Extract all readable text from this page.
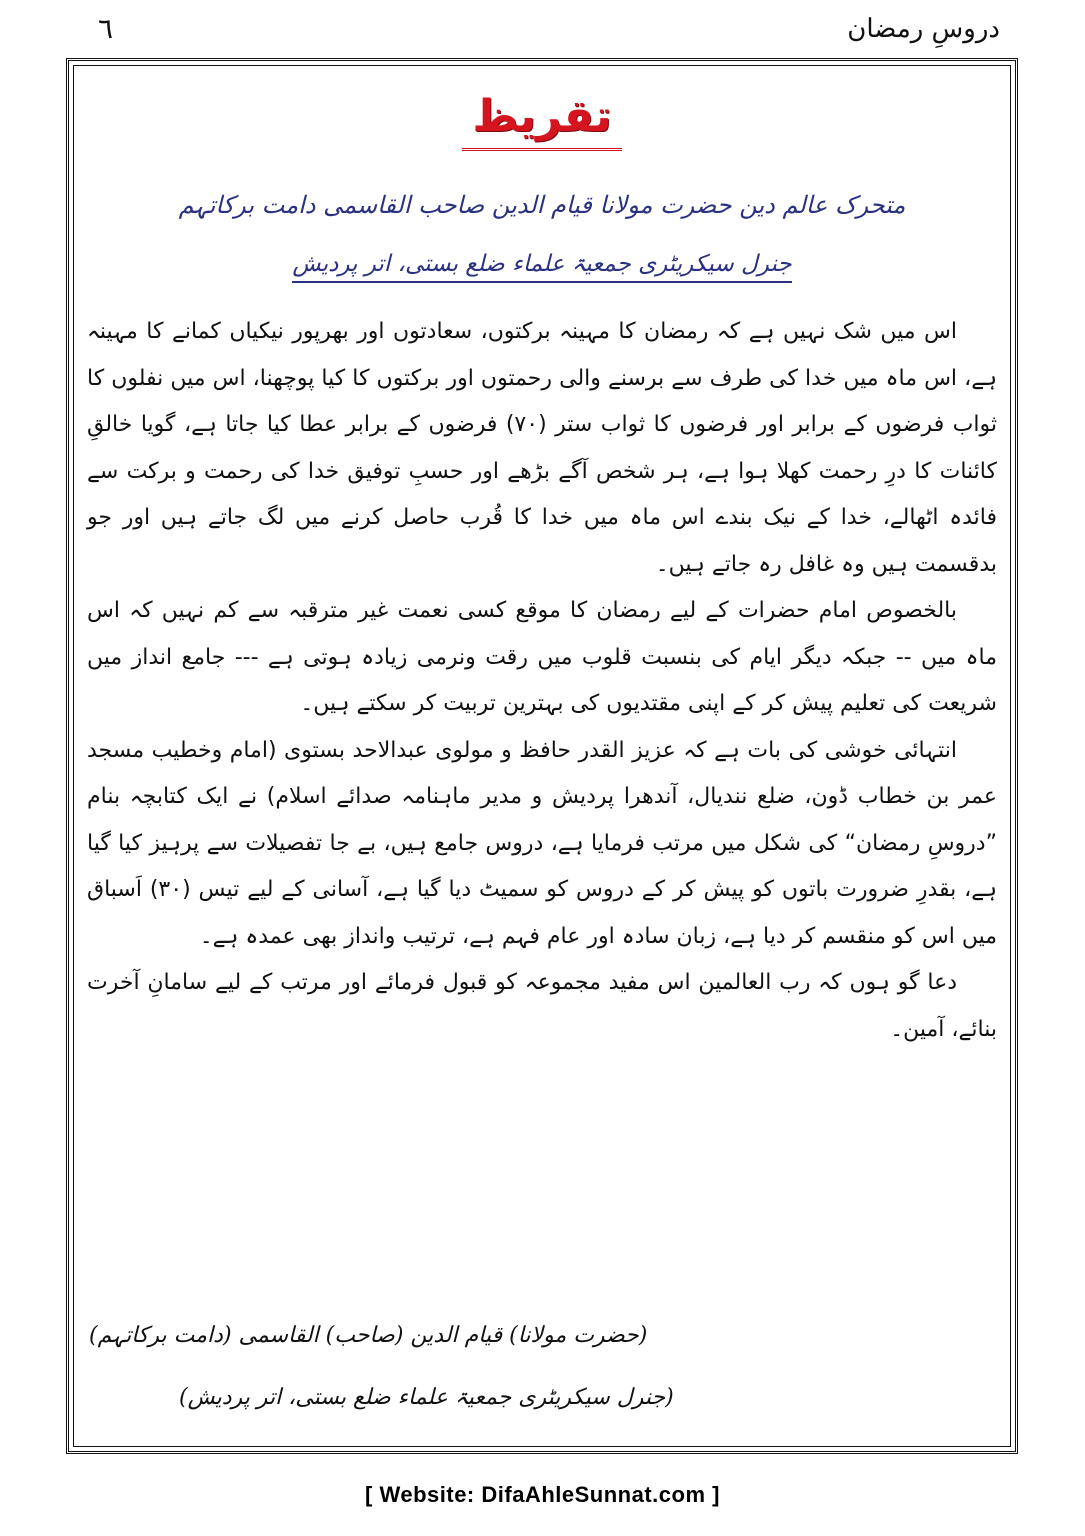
٦	دروسِ رمضان
تقریظ
متحرک عالم دین حضرت مولانا قیام الدین صاحب القاسمی دامت برکاتہم
جنرل سیکریٹری جمعیۃ علماء ضلع بستی، اتر پردیش

اس میں شک نہیں ہے کہ رمضان کا مہینہ برکتوں، سعادتوں اور بھرپور نیکیاں کمانے کا مہینہ ہے، اس ماہ میں خدا کی طرف سے برسنے والی رحمتوں اور برکتوں کا کیا پوچھنا، اس میں نفلوں کا ثواب فرضوں کے برابر اور فرضوں کا ثواب ستر (۷۰) فرضوں کے برابر عطا کیا جاتا ہے، گویا خالقِ کائنات کا درِ رحمت کھلا ہوا ہے، ہر شخص آگے بڑھے اور حسبِ توفیق خدا کی رحمت و برکت سے فائدہ اٹھالے، خدا کے نیک بندے اس ماہ میں خدا کا قُرب حاصل کرنے میں لگ جاتے ہیں اور جو بدقسمت ہیں وہ غافل رہ جاتے ہیں۔

بالخصوص امام حضرات کے لیے رمضان کا موقع کسی نعمت غیر مترقبہ سے کم نہیں کہ اس ماہ میں -- جبکہ دیگر ایام کی بنسبت قلوب میں رقت ونرمی زیادہ ہوتی ہے --- جامع انداز میں شریعت کی تعلیم پیش کر کے اپنی مقتدیوں کی بہترین تربیت کر سکتے ہیں۔

انتہائی خوشی کی بات ہے کہ عزیز القدر حافظ و مولوی عبدالاحد بستوی (امام وخطیب مسجد عمر بن خطاب ڈون، ضلع نندیال، آندھرا پردیش و مدیر ماہنامہ صدائے اسلام) نے ایک کتابچہ بنام ”دروسِ رمضان“ کی شکل میں مرتب فرمایا ہے، دروس جامع ہیں، بے جا تفصیلات سے پرہیز کیا گیا ہے، بقدرِ ضرورت باتوں کو پیش کر کے دروس کو سمیٹ دیا گیا ہے، آسانی کے لیے تیس (۳۰) اَسباق میں اس کو منقسم کر دیا ہے، زبان سادہ اور عام فہم ہے، ترتیب وانداز بھی عمدہ ہے۔

دعا گو ہوں کہ رب العالمین اس مفید مجموعہ کو قبول فرمائے اور مرتب کے لیے سامانِ آخرت بنائے، آمین۔

(حضرت مولانا) قیام الدین (صاحب) القاسمی (دامت برکاتہم)
(جنرل سیکریٹری جمعیۃ علماء ضلع بستی، اتر پردیش)
[ Website: DifaAhleSunnat.com ]
